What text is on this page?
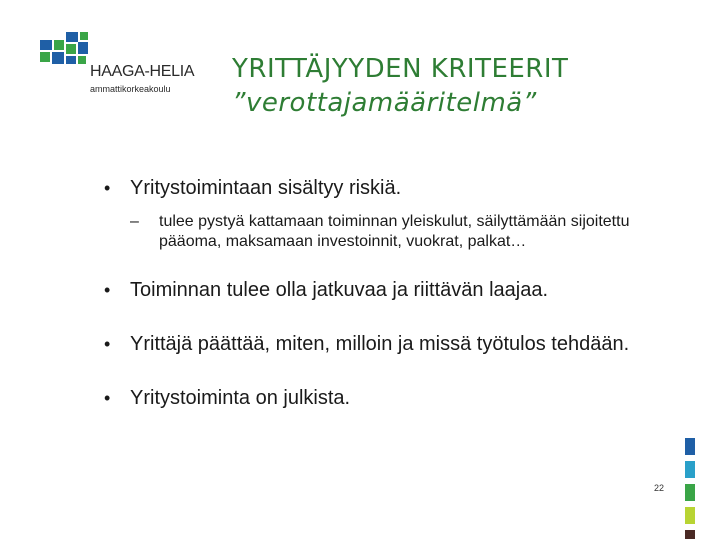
HAAGA-HELIA
ammattikorkeakoulu
YRITTÄJYYDEN KRITEERIT
”verottajamääritelmä”
• Yritystoimintaan sisältyy riskiä.
– tulee pystyä kattamaan toiminnan yleiskulut, säilyttämään sijoitettu pääoma, maksamaan investoinnit, vuokrat, palkat…
• Toiminnan tulee olla jatkuvaa ja riittävän laajaa.
• Yrittäjä päättää, miten, milloin ja missä työtulos tehdään.
• Yritystoiminta on julkista.
22
